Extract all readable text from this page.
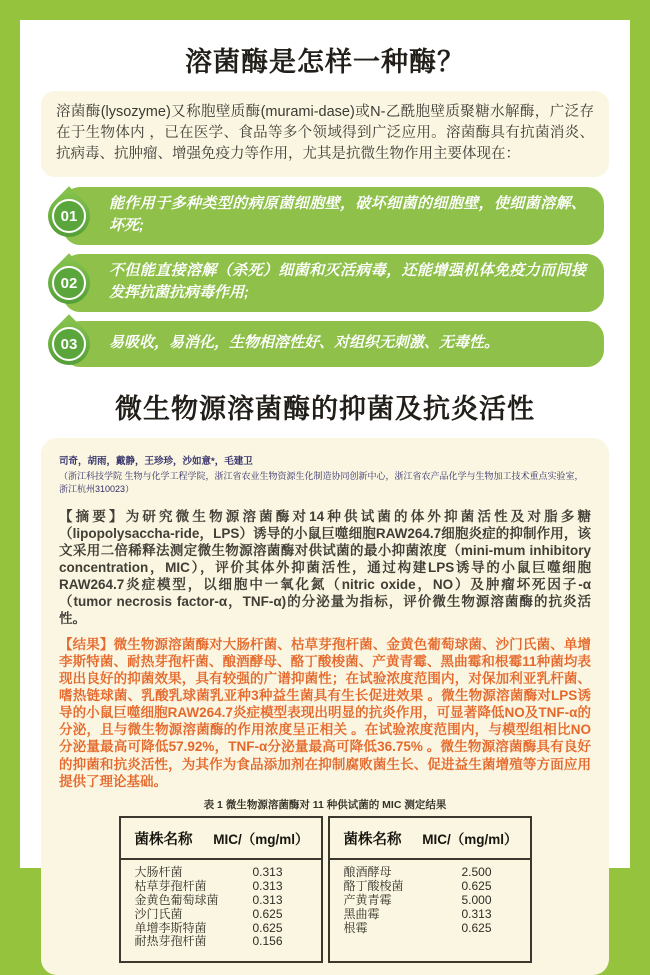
溶菌酶是怎样一种酶？
溶菌酶(lysozyme)又称胞壁质酶(murami-dase)或N-乙酰胞壁质聚糖水解酶，广泛存在于生物体内 ，已在医学、食品等多个领域得到广泛应用。溶菌酶具有抗菌消炎、抗病毒、抗肿瘤、增强免疫力等作用，尤其是抗微生物作用主要体现在：
01
能作用于多种类型的病原菌细胞壁，破坏细菌的细胞壁，使细菌溶解、坏死;
02
不但能直接溶解（杀死）细菌和灭活病毒，还能增强机体免疫力而间接发挥抗菌抗病毒作用;
03	易吸收，易消化，生物相溶性好、对组织无刺激、无毒性。
微生物源溶菌酶的抑菌及抗炎活性
司奇，胡雨，戴静，王珍珍，沙如意*，毛建卫
（浙江科技学院 生物与化学工程学院，浙江省农业生物资源生化制造协同创新中心，浙江省农产品化学与生物加工技术重点实验室，浙江杭州310023）
【摘要】为研究微生物源溶菌酶对14种供试菌的体外抑菌活性及对脂多糖（lipopolysaccha-ride，LPS）诱导的小鼠巨噬细胞RAW264.7细胞炎症的抑制作用，该文采用二倍稀释法测定微生物源溶菌酶对供试菌的最小抑菌浓度（mini-mum inhibitory concentration，MIC），评价其体外抑菌活性，通过构建LPS诱导的小鼠巨噬细胞RAW264.7炎症模型，以细胞中一氧化氮（nitric oxide，NO）及肿瘤坏死因子-α（tumor necrosis factor-α，TNF-α)的分泌量为指标，评价微生物源溶菌酶的抗炎活性。
【结果】微生物源溶菌酶对大肠杆菌、枯草芽孢杆菌、金黄色葡萄球菌、沙门氏菌、单增李斯特菌、耐热芽孢杆菌、酿酒酵母、酪丁酸梭菌、产黄青霉、黑曲霉和根霉11种菌均表现出良好的抑菌效果，具有较强的广谱抑菌性；在试验浓度范围内，对保加利亚乳杆菌、嗜热链球菌、乳酸乳球菌乳亚种3种益生菌具有生长促进效果 。微生物源溶菌酶对LPS诱导的小鼠巨噬细胞RAW264.7炎症模型表现出明显的抗炎作用，可显著降低NO及TNF-α的分泌，且与微生物源溶菌酶的作用浓度呈正相关 。在试验浓度范围内，与模型组相比NO分泌量最高可降低57.92%，TNF-α分泌量最高可降低36.75% 。微生物源溶菌酶具有良好的抑菌和抗炎活性，为其作为食品添加剂在抑制腐败菌生长、促进益生菌增殖等方面应用提供了理论基础。
表 1 微生物源溶菌酶对 11 种供试菌的 MIC 测定结果
菌株名称 MIC/（mg/ml）
大肠杆菌	0.313
枯草芽孢杆菌	0.313
金黄色葡萄球菌	0.313
沙门氏菌	0.625
单增李斯特菌	0.625
耐热芽孢杆菌	0.156
菌株名称 MIC/（mg/ml）
酿酒酵母	2.500
酪丁酸梭菌	0.625
产黄青霉	5.000
黑曲霉	0.313
根霉	0.625
